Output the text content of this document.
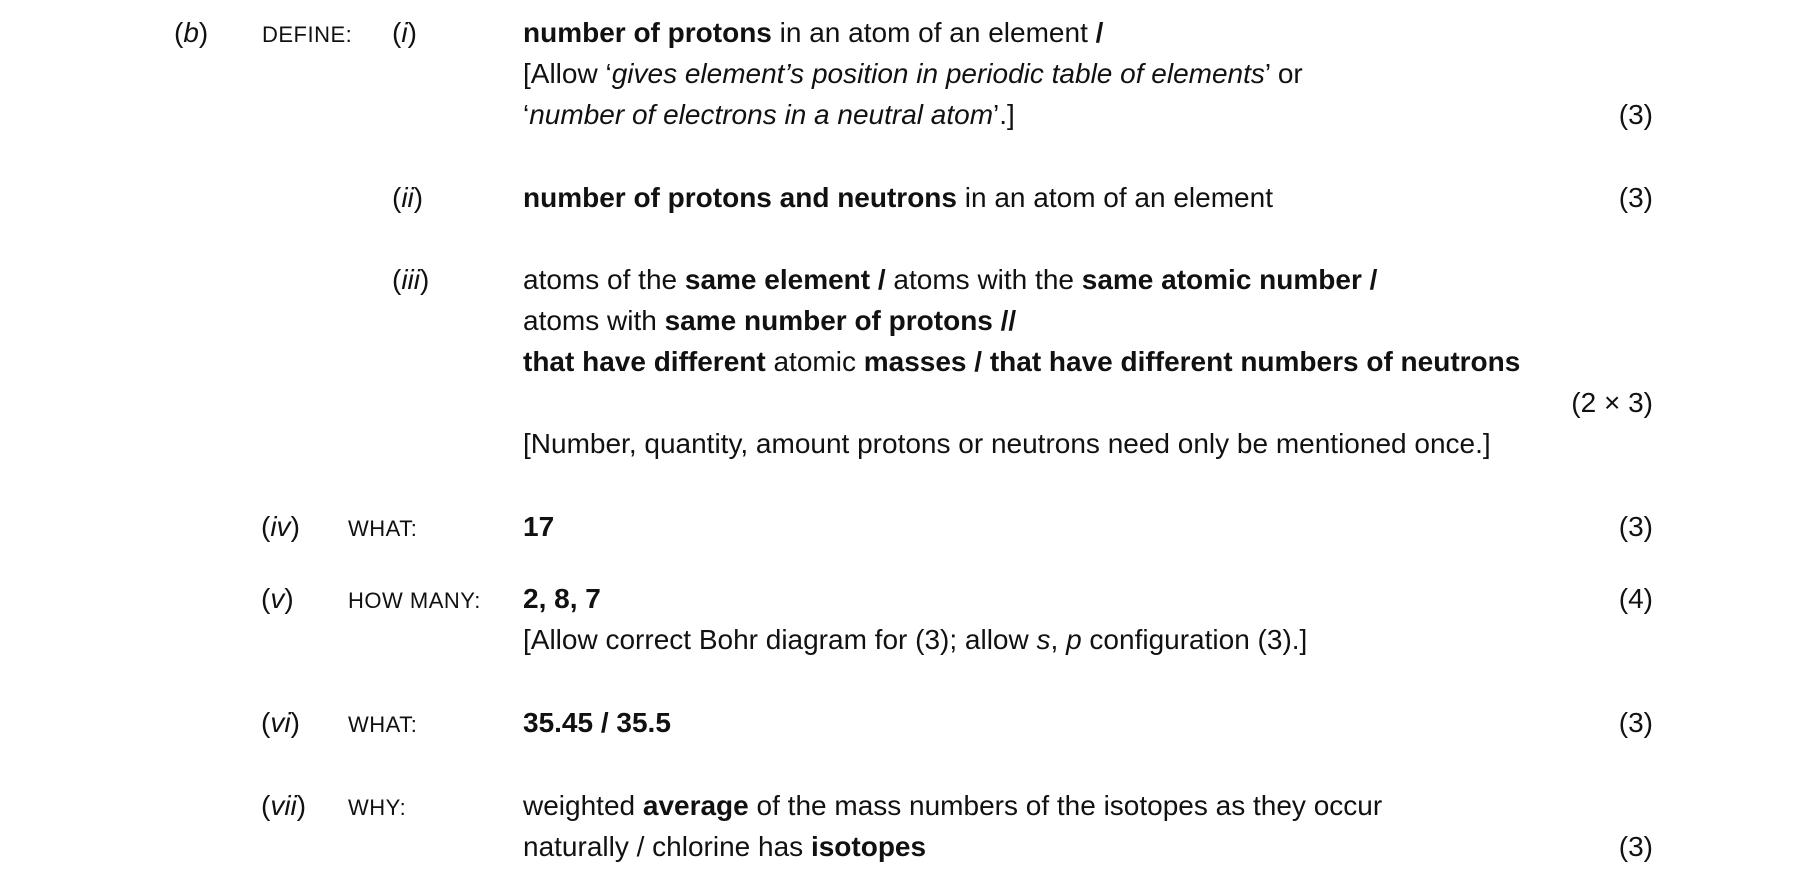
(b) DEFINE: (i)	number of protons in an atom of an element /
[Allow ‘gives element’s position in periodic table of elements’ or
‘number of electrons in a neutral atom’.]	(3)
(ii)	number of protons and neutrons in an atom of an element	(3)
(iii)	atoms of the same element / atoms with the same atomic number /
atoms with same number of protons //
that have different atomic masses / that have different numbers of neutrons
(2 × 3)
[Number, quantity, amount protons or neutrons need only be mentioned once.]
(iv) WHAT:	17	(3)
(v) HOW MANY: 2, 8, 7	(4)
[Allow correct Bohr diagram for (3); allow s, p configuration (3).]
(vi) WHAT:	35.45 / 35.5	(3)
(vii) WHY:	weighted average of the mass numbers of the isotopes as they occur
naturally / chlorine has isotopes	(3)
